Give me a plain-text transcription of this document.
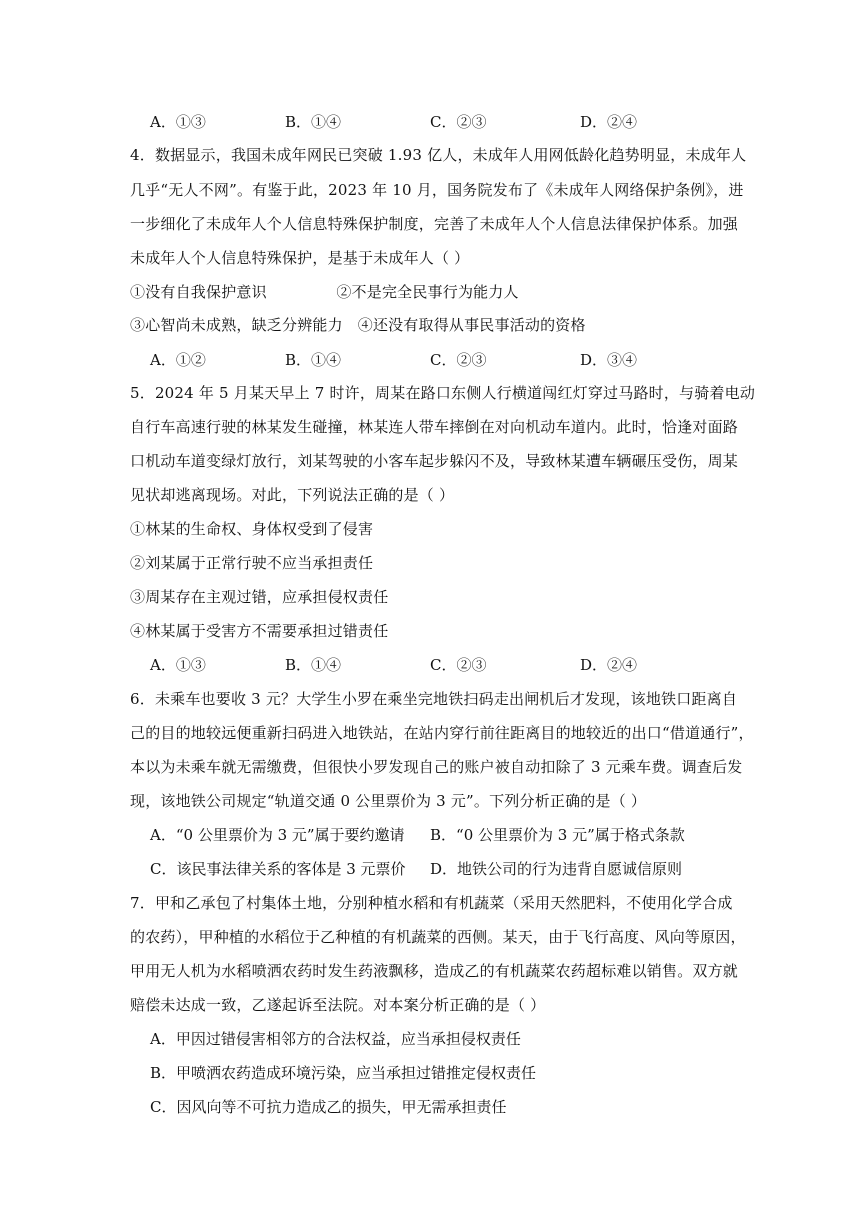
A．①③	B．①④	C．②③	D．②④
4．数据显示，我国未成年网民已突破 1.93 亿人，未成年人用网低龄化趋势明显，未成年人
几乎“无人不网”。有鉴于此，2023 年 10 月，国务院发布了《未成年人网络保护条例》，进
一步细化了未成年人个人信息特殊保护制度，完善了未成年人个人信息法律保护体系。加强
未成年人个人信息特殊保护，是基于未成年人（ ）
①没有自我保护意识              ②不是完全民事行为能力人
③心智尚未成熟，缺乏分辨能力   ④还没有取得从事民事活动的资格
A．①②	B．①④	C．②③	D．③④
5．2024 年 5 月某天早上 7 时许，周某在路口东侧人行横道闯红灯穿过马路时，与骑着电动
自行车高速行驶的林某发生碰撞，林某连人带车摔倒在对向机动车道内。此时，恰逢对面路
口机动车道变绿灯放行，刘某驾驶的小客车起步躲闪不及，导致林某遭车辆碾压受伤，周某
见状却逃离现场。对此，下列说法正确的是（ ）
①林某的生命权、身体权受到了侵害
②刘某属于正常行驶不应当承担责任
③周某存在主观过错，应承担侵权责任
④林某属于受害方不需要承担过错责任
A．①③	B．①④	C．②③	D．②④
6．未乘车也要收 3 元？大学生小罗在乘坐完地铁扫码走出闸机后才发现，该地铁口距离自
己的目的地较远便重新扫码进入地铁站，在站内穿行前往距离目的地较近的出口“借道通行”，
本以为未乘车就无需缴费，但很快小罗发现自己的账户被自动扣除了 3 元乘车费。调查后发
现，该地铁公司规定“轨道交通 0 公里票价为 3 元”。下列分析正确的是（ ）
A．“0 公里票价为 3 元”属于要约邀请 B．“0 公里票价为 3 元”属于格式条款
C．该民事法律关系的客体是 3 元票价 D．地铁公司的行为违背自愿诚信原则
7．甲和乙承包了村集体土地，分别种植水稻和有机蔬菜（采用天然肥料，不使用化学合成
的农药），甲种植的水稻位于乙种植的有机蔬菜的西侧。某天，由于飞行高度、风向等原因，
甲用无人机为水稻喷洒农药时发生药液飘移，造成乙的有机蔬菜农药超标难以销售。双方就
赔偿未达成一致，乙遂起诉至法院。对本案分析正确的是（ ）
A．甲因过错侵害相邻方的合法权益，应当承担侵权责任
B．甲喷洒农药造成环境污染，应当承担过错推定侵权责任
C．因风向等不可抗力造成乙的损失，甲无需承担责任
